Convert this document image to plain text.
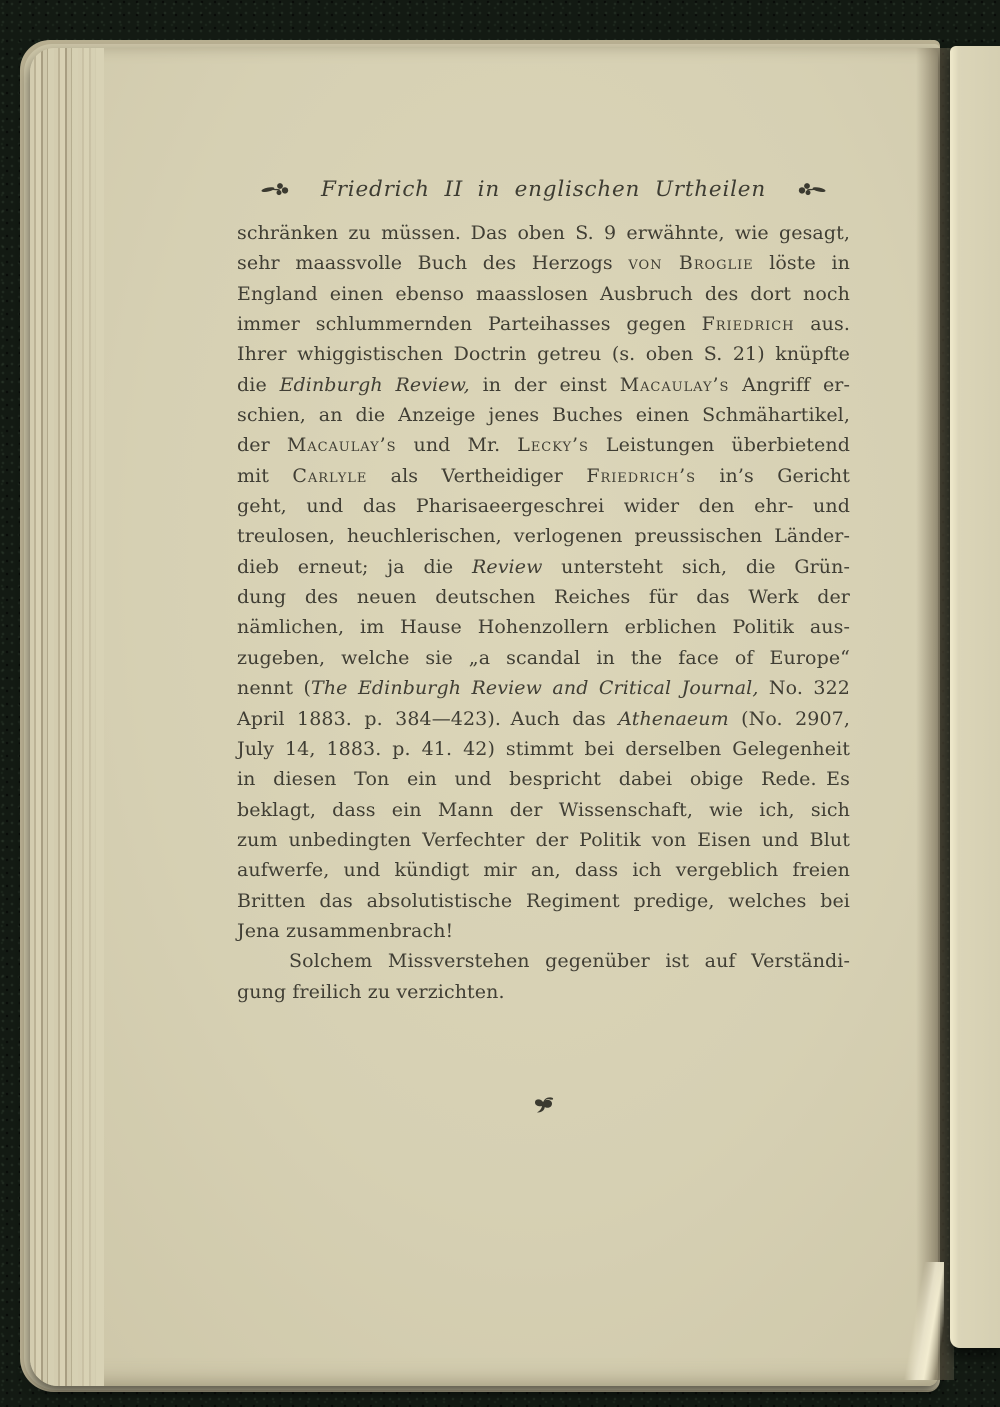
Friedrich II in englischen Urtheilen
schränken zu müssen. Das oben S. 9 erwähnte, wie gesagt,
sehr maassvolle Buch des Herzogs von Broglie löste in
England einen ebenso maasslosen Ausbruch des dort noch
immer schlummernden Parteihasses gegen Friedrich aus.
Ihrer whiggistischen Doctrin getreu (s. oben S. 21) knüpfte
die Edinburgh Review, in der einst Macaulay’s Angriff er-
schien, an die Anzeige jenes Buches einen Schmähartikel,
der Macaulay’s und Mr. Lecky’s Leistungen überbietend
mit Carlyle als Vertheidiger Friedrich’s in’s Gericht
geht, und das Pharisaeergeschrei wider den ehr- und
treulosen, heuchlerischen, verlogenen preussischen Länder-
dieb erneut; ja die Review untersteht sich, die Grün-
dung des neuen deutschen Reiches für das Werk der
nämlichen, im Hause Hohenzollern erblichen Politik aus-
zugeben, welche sie „a scandal in the face of Europe“
nennt (The Edinburgh Review and Critical Journal, No. 322
April 1883. p. 384—423). Auch das Athenaeum (No. 2907,
July 14, 1883. p. 41. 42) stimmt bei derselben Gelegenheit
in diesen Ton ein und bespricht dabei obige Rede. Es
beklagt, dass ein Mann der Wissenschaft, wie ich, sich
zum unbedingten Verfechter der Politik von Eisen und Blut
aufwerfe, und kündigt mir an, dass ich vergeblich freien
Britten das absolutistische Regiment predige, welches bei
Jena zusammenbrach!
Solchem Missverstehen gegenüber ist auf Verständi-
gung freilich zu verzichten.
